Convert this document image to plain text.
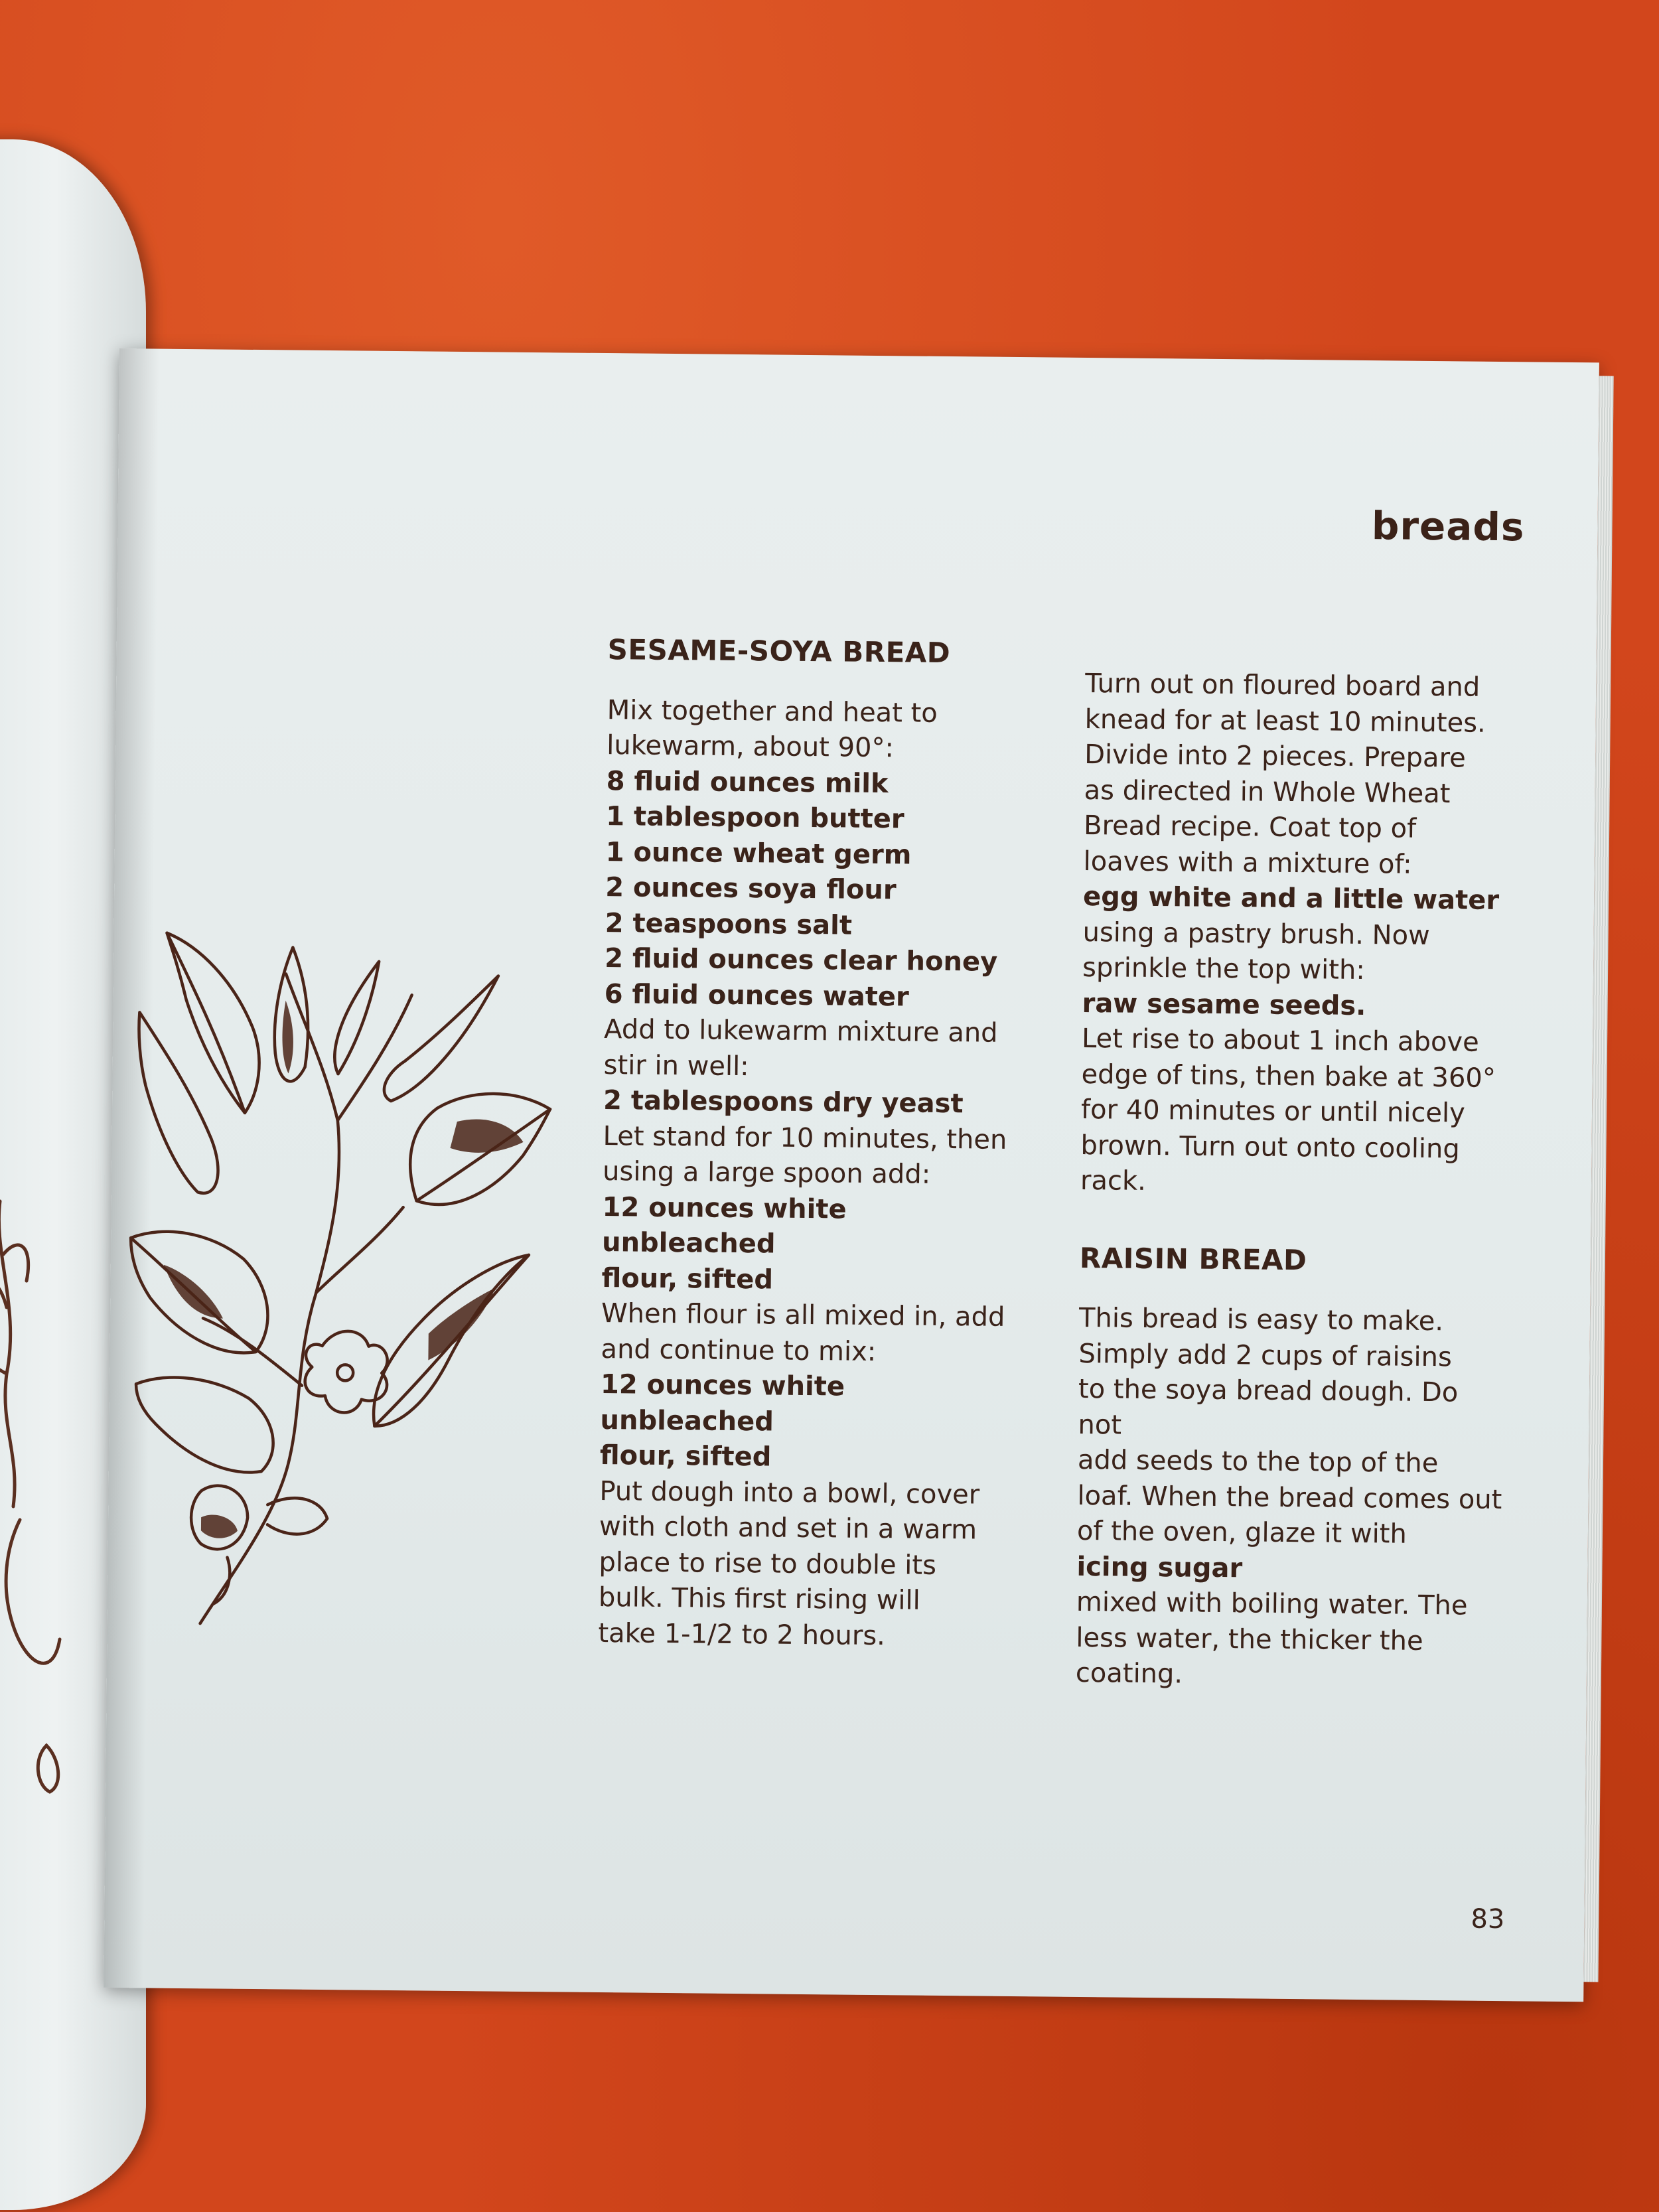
breads
SESAME-SOYA BREAD

Mix together and heat to
lukewarm, about 90°:

8 fluid ounces milk
1 tablespoon butter
1 ounce wheat germ
2 ounces soya flour
2 teaspoons salt
2 fluid ounces clear honey
6 fluid ounces water

Add to lukewarm mixture and
stir in well:

2 tablespoons dry yeast

Let stand for 10 minutes, then
using a large spoon add:

12 ounces white unbleached
flour, sifted

When flour is all mixed in, add
and continue to mix:

12 ounces white unbleached
flour, sifted

Put dough into a bowl, cover
with cloth and set in a warm
place to rise to double its
bulk. This first rising will
take 1-1/2 to 2 hours.

Turn out on floured board and
knead for at least 10 minutes.
Divide into 2 pieces. Prepare
as directed in Whole Wheat
Bread recipe. Coat top of
loaves with a mixture of:

egg white and a little water

using a pastry brush. Now
sprinkle the top with:

raw sesame seeds.

Let rise to about 1 inch above
edge of tins, then bake at 360°
for 40 minutes or until nicely
brown. Turn out onto cooling
rack.

RAISIN BREAD

This bread is easy to make.
Simply add 2 cups of raisins
to the soya bread dough. Do not
add seeds to the top of the
loaf. When the bread comes out
of the oven, glaze it with

icing sugar

mixed with boiling water. The
less water, the thicker the
coating.

83
